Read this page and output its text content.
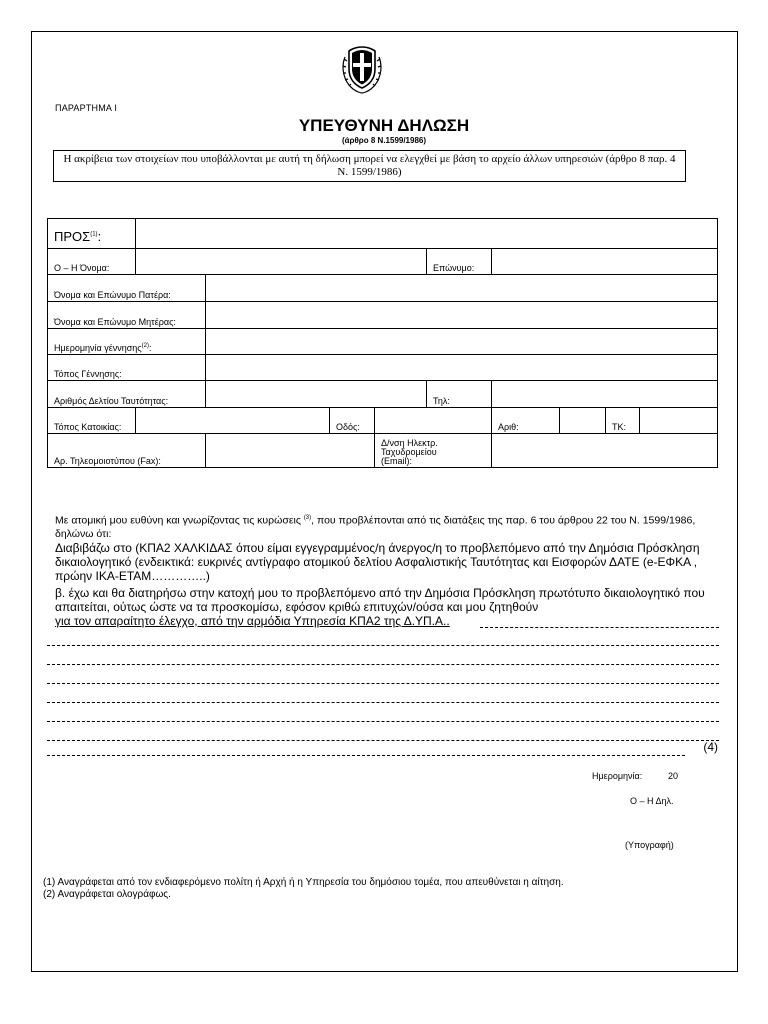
ΠΑΡΑΡΤΗΜΑ Ι
ΥΠΕΥΘΥΝΗ ΔΗΛΩΣΗ
(άρθρο 8 Ν.1599/1986)
Η ακρίβεια των στοιχείων που υποβάλλονται με αυτή τη δήλωση μπορεί να ελεγχθεί με βάση το αρχείο άλλων υπηρεσιών (άρθρο 8 παρ. 4 Ν. 1599/1986)
ΠΡΟΣ$^{(1)}$:									
Ο – Η Όνομα:					Επώνυμο:				
Όνομα και Επώνυμο Πατέρα:									
Όνομα και Επώνυμο Μητέρας:									
Ημερομηνία γέννησης$^{(2)}$:									
Τόπος Γέννησης:									
Αριθμός Δελτίου Ταυτότητας:					Τηλ:				
Τόπος Κατοικίας:			Οδός:			Αριθ:		ΤΚ:	
Αρ. Τηλεομοιοτύπου (Fax):				Δ/νση Ηλεκτρ.
Ταχυδρομείου
(Email):					
Με ατομική μου ευθύνη και γνωρίζοντας τις κυρώσεις $^{(3)}$, που προβλέπονται από τις διατάξεις της παρ. 6 του άρθρου 22 του Ν. 1599/1986, δηλώνω ότι:
Διαβιβάζω στο (ΚΠΑ2 ΧΑΛΚΙΔΑΣ όπου είμαι εγγεγραμμένος/η άνεργος/η το προβλεπόμενο από την Δημόσια Πρόσκληση δικαιολογητικό (ενδεικτικά: ευκρινές αντίγραφο ατομικού δελτίου Ασφαλιστικής Ταυτότητας και Εισφορών ΔΑΤΕ (e-ΕΦΚΑ , πρώην ΙΚΑ-ΕΤΑΜ…………..)
β. έχω και θα διατηρήσω στην κατοχή μου το προβλεπόμενο από την Δημόσια Πρόσκληση πρωτότυπο δικαιολογητικό που απαιτείται, ούτως ώστε να τα προσκομίσω, εφόσον κριθώ επιτυχών/ούσα και μου ζητηθούν
για τον απαραίτητο έλεγχο, από την αρμόδια Υπηρεσία ΚΠΑ2 της Δ.ΥΠ.Α..
(4)
Ημερομηνία:	20
Ο – Η Δηλ.
(Υπογραφή)
(1) Αναγράφεται από τον ενδιαφερόμενο πολίτη ή Αρχή ή η Υπηρεσία του δημόσιου τομέα, που απευθύνεται η αίτηση.
(2) Αναγράφεται ολογράφως.
